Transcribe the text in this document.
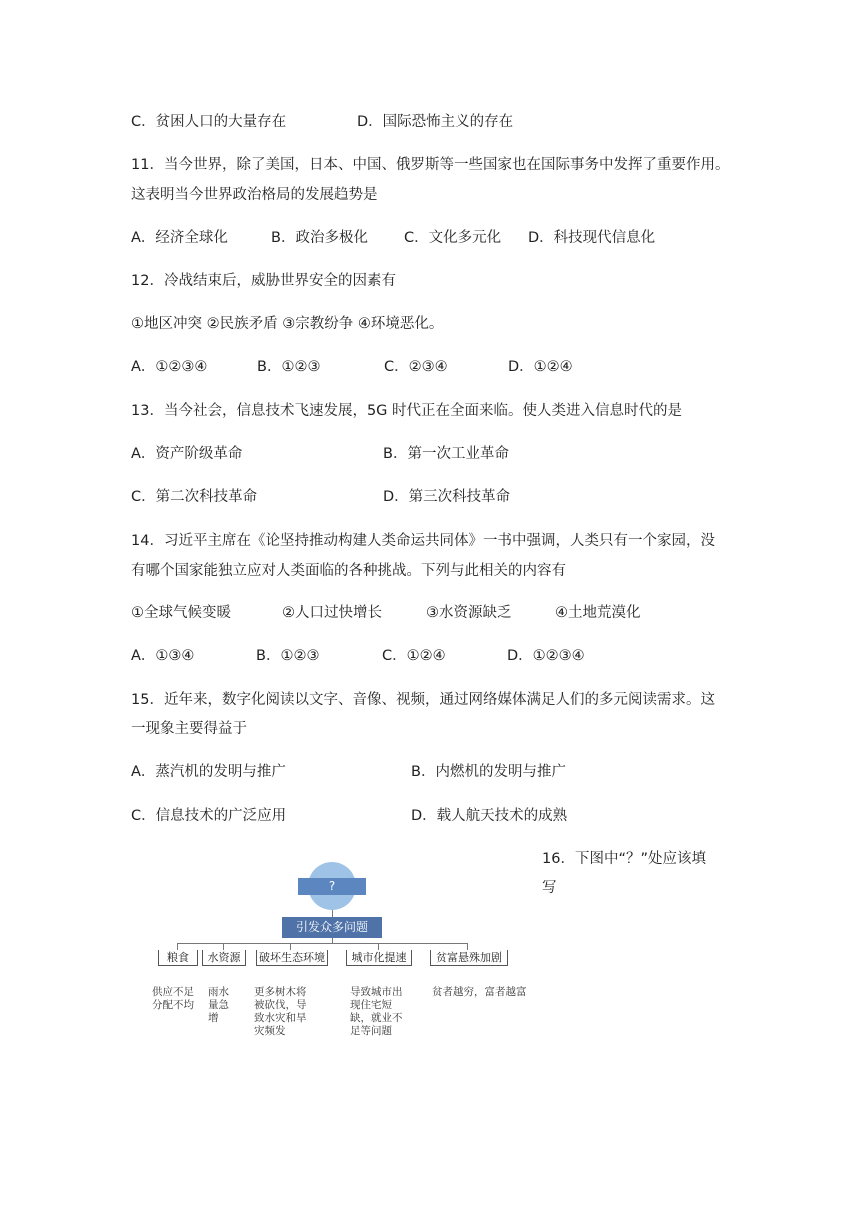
C．贫困人口的大量存在	D．国际恐怖主义的存在
11．当今世界，除了美国，日本、中国、俄罗斯等一些国家也在国际事务中发挥了重要作用。
这表明当今世界政治格局的发展趋势是
A．经济全球化	B．政治多极化 C．文化多元化 D．科技现代信息化
12．冷战结束后，威胁世界安全的因素有
①地区冲突 ②民族矛盾 ③宗教纷争 ④环境恶化。
A．①②③④	B．①②③	C．②③④	D．①②④
13．当今社会，信息技术飞速发展，5G 时代正在全面来临。使人类进入信息时代的是
A．资产阶级革命	B．第一次工业革命
C．第二次科技革命	D．第三次科技革命
14．习近平主席在《论坚持推动构建人类命运共同体》一书中强调，人类只有一个家园，没
有哪个国家能独立应对人类面临的各种挑战。下列与此相关的内容有
①全球气候变暖	②人口过快增长	③水资源缺乏	④土地荒漠化
A．①③④	B．①②③	C．①②④	D．①②③④
15．近年来，数字化阅读以文字、音像、视频，通过网络媒体满足人们的多元阅读需求。这
一现象主要得益于
A．蒸汽机的发明与推广	B．内燃机的发明与推广
C．信息技术的广泛应用	D．载人航天技术的成熟
16．下图中“？”处应该填
写
?
引发众多问题
粮食	水资源	破坏生态环境	城市化提速	贫富悬殊加剧
供应不足分配不均
雨水量急增
更多树木将被砍伐，导致水灾和旱灾频发
导致城市出现住宅短缺，就业不足等问题
贫者越穷，富者越富
